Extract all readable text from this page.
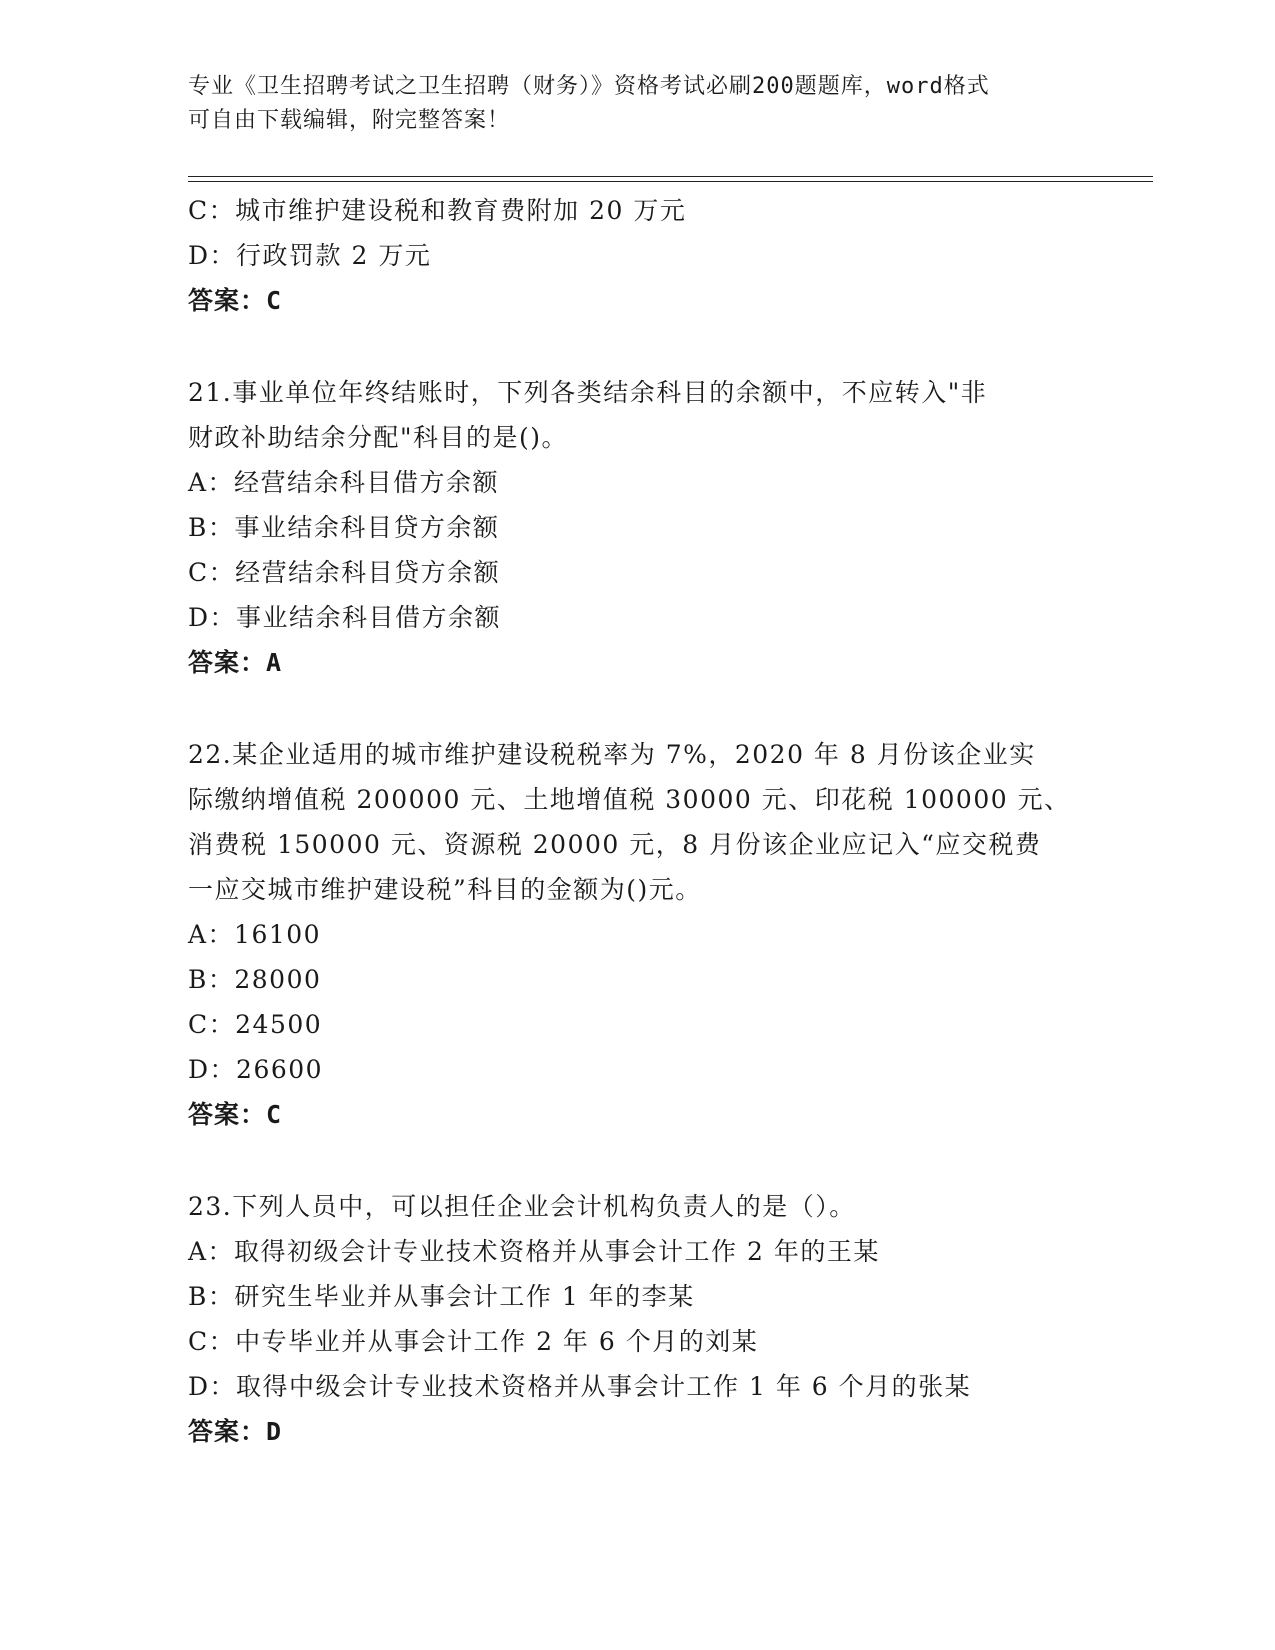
专业《卫生招聘考试之卫生招聘（财务）》资格考试必刷200题题库，word格式
可自由下载编辑，附完整答案！
C：城市维护建设税和教育费附加 20 万元
D：行政罚款 2 万元
答案：C
21.事业单位年终结账时，下列各类结余科目的余额中，不应转入"非
财政补助结余分配"科目的是()。
A：经营结余科目借方余额
B：事业结余科目贷方余额
C：经营结余科目贷方余额
D：事业结余科目借方余额
答案：A
22.某企业适用的城市维护建设税税率为 7%，2020 年 8 月份该企业实
际缴纳增值税 200000 元、土地增值税 30000 元、印花税 100000 元、
消费税 150000 元、资源税 20000 元，8 月份该企业应记入“应交税费
一应交城市维护建设税”科目的金额为()元。
A：16100
B：28000
C：24500
D：26600
答案：C
23.下列人员中，可以担任企业会计机构负责人的是（）。
A：取得初级会计专业技术资格并从事会计工作 2 年的王某
B：研究生毕业并从事会计工作 1 年的李某
C：中专毕业并从事会计工作 2 年 6 个月的刘某
D：取得中级会计专业技术资格并从事会计工作 1 年 6 个月的张某
答案：D
